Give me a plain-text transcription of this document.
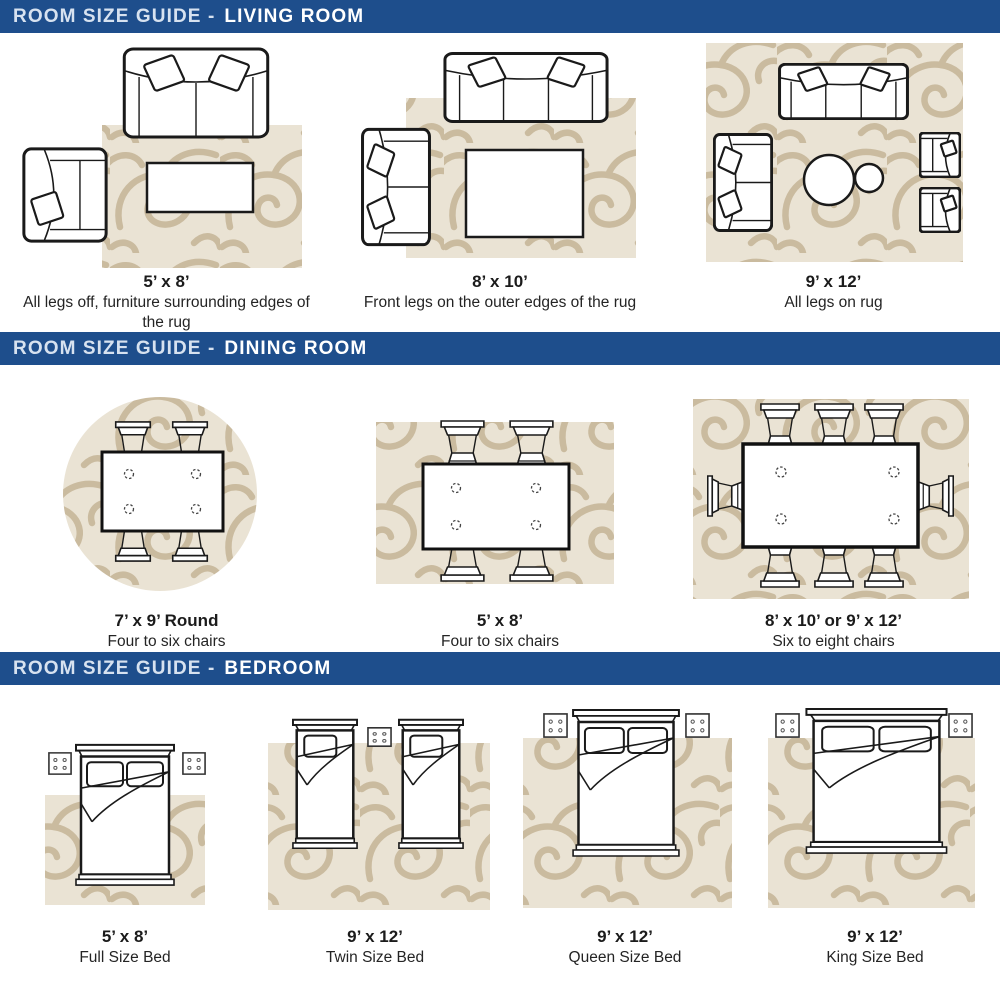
ROOM SIZE GUIDE - LIVING ROOM
5’ x 8’
All legs off, furniture surrounding edges of the rug
8’ x 10’
Front legs on the outer edges of the rug
9’ x 12’
All legs on rug
ROOM SIZE GUIDE - DINING ROOM
7’ x 9’ Round
Four to six chairs
5’ x 8’
Four to six chairs
8’ x 10’ or 9’ x 12’
Six to eight chairs
ROOM SIZE GUIDE - BEDROOM
5’ x 8’
Full Size Bed
9’ x 12’
Twin Size Bed
9’ x 12’
Queen Size Bed
9’ x 12’
King Size Bed
